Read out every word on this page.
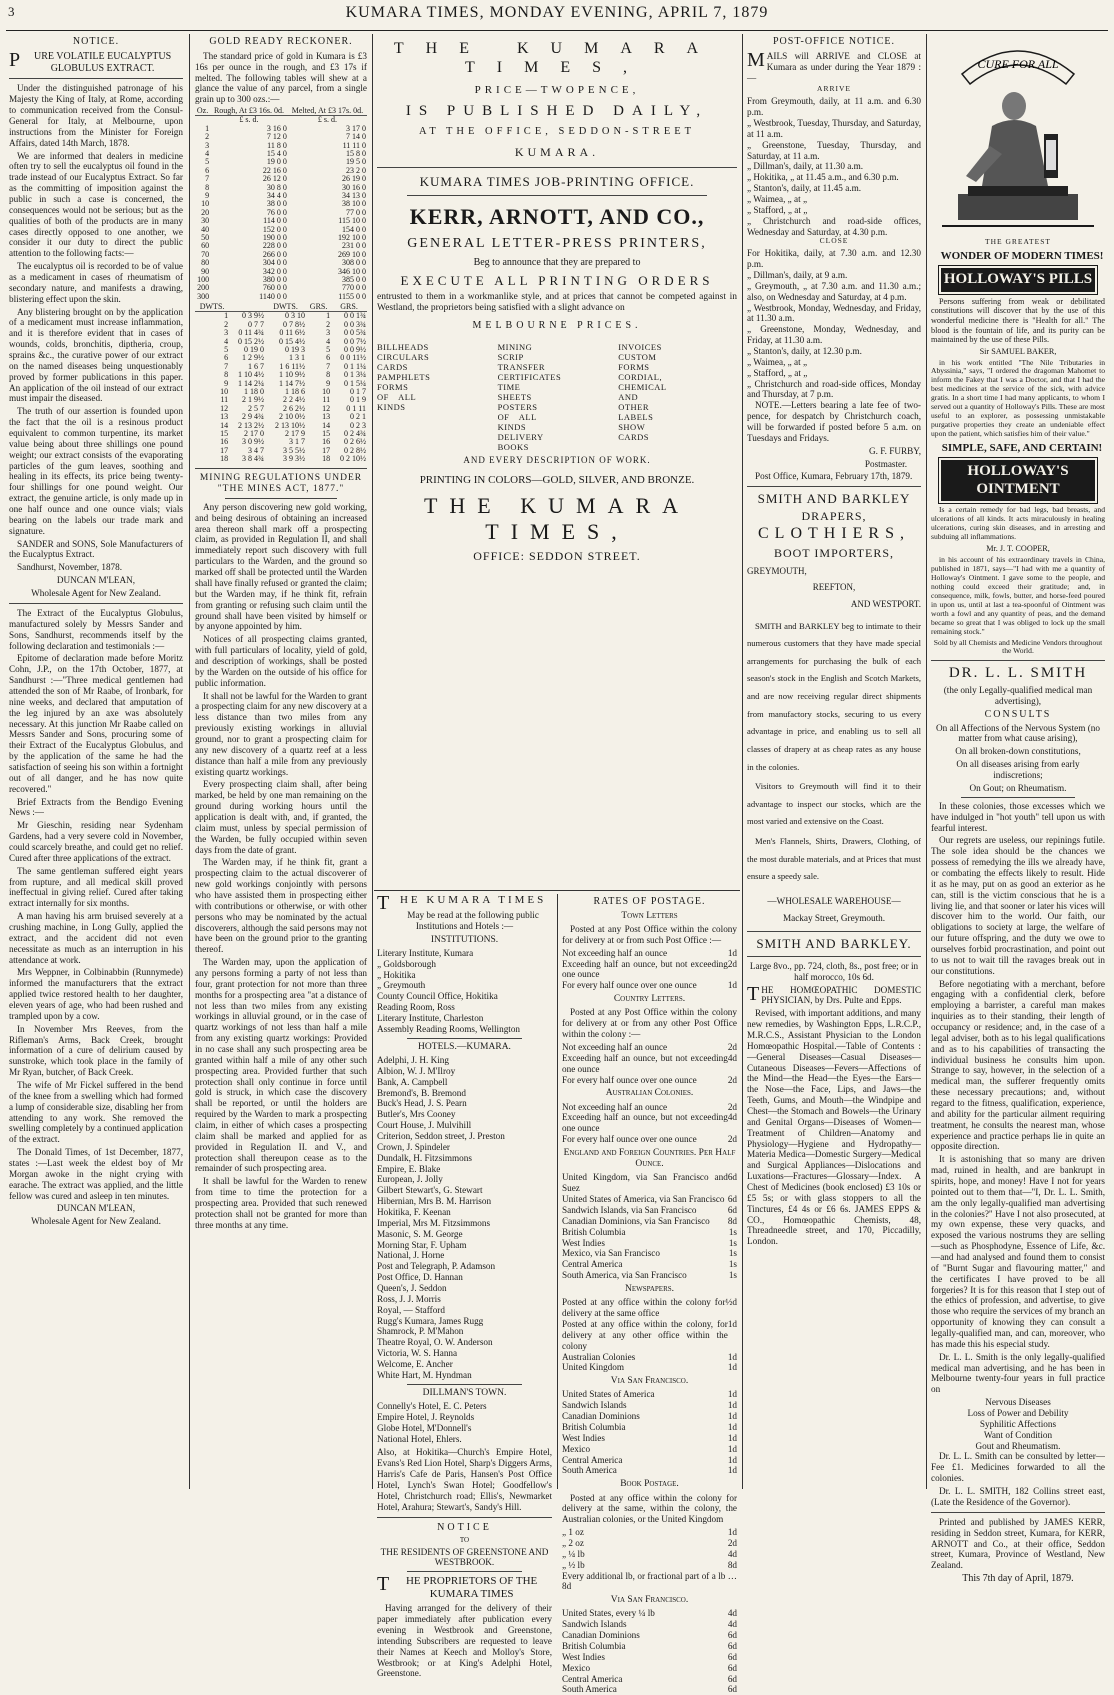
3	KUMARA TIMES, MONDAY EVENING, APRIL 7, 1879
NOTICE.

PURE VOLATILE EUCALYPTUS GLOBULUS EXTRACT.

Under the distinguished patronage of his Majesty the King of Italy, at Rome, according to communication received from the Consul-General for Italy, at Melbourne, upon instructions from the Minister for Foreign Affairs, dated 14th March, 1878.

We are informed that dealers in medicine often try to sell the eucalyptus oil found in the trade instead of our Eucalyptus Extract. So far as the committing of imposition against the public in such a case is concerned, the consequences would not be serious; but as the qualities of both of the products are in many cases directly opposed to one another, we consider it our duty to direct the public attention to the following facts:—

The eucalyptus oil is recorded to be of value as a medicament in cases of rheumatism of secondary nature, and manifests a drawing, blistering effect upon the skin.

Any blistering brought on by the application of a medicament must increase inflammation, and it is therefore evident that in cases of wounds, colds, bronchitis, diptheria, croup, sprains &c., the curative power of our extract on the named diseases being unquestionably proved by former publications in this paper. An application of the oil instead of our extract must impair the diseased.

The truth of our assertion is founded upon the fact that the oil is a resinous product equivalent to common turpentine, its market value being about three shillings one pound weight; our extract consists of the evaporating particles of the gum leaves, soothing and healing in its effects, its price being twenty-four shillings for one pound weight. Our extract, the genuine article, is only made up in one half ounce and one ounce vials; vials bearing on the labels our trade mark and signature.

SANDER and SONS, Sole Manufacturers of the Eucalyptus Extract.

Sandhurst, November, 1878.

DUNCAN M'LEAN,

Wholesale Agent for New Zealand.

The Extract of the Eucalyptus Globulus, manufactured solely by Messrs Sander and Sons, Sandhurst, recommends itself by the following declaration and testimonials :—

Epitome of declaration made before Moritz Cohn, J.P., on the 17th October, 1877, at Sandhurst :—"Three medical gentlemen had attended the son of Mr Raabe, of Ironbark, for nine weeks, and declared that amputation of the leg injured by an axe was absolutely necessary. At this junction Mr Raabe called on Messrs Sander and Sons, procuring some of their Extract of the Eucalyptus Globulus, and by the application of the same he had the satisfaction of seeing his son within a fortnight out of all danger, and he has now quite recovered."

Brief Extracts from the Bendigo Evening News :—

Mr Gieschin, residing near Sydenham Gardens, had a very severe cold in November, could scarcely breathe, and could get no relief. Cured after three applications of the extract.

The same gentleman suffered eight years from rupture, and all medical skill proved ineffectual in giving relief. Cured after taking extract internally for six months.

A man having his arm bruised severely at a crushing machine, in Long Gully, applied the extract, and the accident did not even necessitate as much as an interruption in his attendance at work.

Mrs Weppner, in Colbinabbin (Runnymede) informed the manufacturers that the extract applied twice restored health to her daughter, eleven years of age, who had been rushed and trampled upon by a cow.

In November Mrs Reeves, from the Rifleman's Arms, Back Creek, brought information of a cure of delirium caused by sunstroke, which took place in the family of Mr Ryan, butcher, of Back Creek.

The wife of Mr Fickel suffered in the bend of the knee from a swelling which had formed a lump of considerable size, disabling her from attending to any work. She removed the swelling completely by a continued application of the extract.

The Donald Times, of 1st December, 1877, states :—Last week the eldest boy of Mr Morgan awoke in the night crying with earache. The extract was applied, and the little fellow was cured and asleep in ten minutes.

DUNCAN M'LEAN,

Wholesale Agent for New Zealand.

GOLD READY RECKONER.

The standard price of gold in Kumara is £3 16s per ounce in the rough, and £3 17s if melted. The following tables will shew at a glance the value of any parcel, from a single grain up to 300 ozs.:—

Oz.	Rough, At £3 16s. 0d.	Melted, At £3 17s. 0d.
	£ s. d.	£ s. d.
1	3 16 0	3 17 0
2	7 12 0	7 14 0
3	11 8 0	11 11 0
4	15 4 0	15 8 0
5	19 0 0	19 5 0
6	22 16 0	23 2 0
7	26 12 0	26 19 0
8	30 8 0	30 16 0
9	34 4 0	34 13 0
10	38 0 0	38 10 0
20	76 0 0	77 0 0
30	114 0 0	115 10 0
40	152 0 0	154 0 0
50	190 0 0	192 10 0
60	228 0 0	231 0 0
70	266 0 0	269 10 0
80	304 0 0	308 0 0
90	342 0 0	346 10 0
100	380 0 0	385 0 0
200	760 0 0	770 0 0
300	1140 0 0	1155 0 0
DWTS.		DWTS.	GRS.	GRS.
1	0 3 9½	0 3 10	1	0 0 1¾
2	0 7 7	0 7 8½	2	0 0 3¾
3	0 11 4¾	0 11 6½	3	0 0 5¾
4	0 15 2½	0 15 4½	4	0 0 7½
5	0 19 0	0 19 3	5	0 0 9½
6	1 2 9½	1 3 1	6	0 0 11½
7	1 6 7	1 6 11½	7	0 1 1¼
8	1 10 4½	1 10 9½	8	0 1 3¼
9	1 14 2¼	1 14 7½	9	0 1 5¼
10	1 18 0	1 18 6	10	0 1 7
11	2 1 9½	2 2 4½	11	0 1 9
12	2 5 7	2 6 2½	12	0 1 11
13	2 9 4¾	2 10 0½	13	0 2 1
14	2 13 2½	2 13 10½	14	0 2 3
15	2 17 0	2 17 9	15	0 2 4¾
16	3 0 9½	3 1 7	16	0 2 6½
17	3 4 7	3 5 5½	17	0 2 8½
18	3 8 4¾	3 9 3½	18	0 2 10½
MINING REGULATIONS UNDER "THE MINES ACT, 1877."

Any person discovering new gold working, and being desirous of obtaining an increased area thereon shall mark off a prospecting claim, as provided in Regulation II, and shall immediately report such discovery with full particulars to the Warden, and the ground so marked off shall be protected until the Warden shall have finally refused or granted the claim; but the Warden may, if he think fit, refrain from granting or refusing such claim until the ground shall have been visited by himself or by anyone appointed by him.

Notices of all prospecting claims granted, with full particulars of locality, yield of gold, and description of workings, shall be posted by the Warden on the outside of his office for public information.

It shall not be lawful for the Warden to grant a prospecting claim for any new discovery at a less distance than two miles from any previously existing workings in alluvial ground, nor to grant a prospecting claim for any new discovery of a quartz reef at a less distance than half a mile from any previously existing quartz workings.

Every prospecting claim shall, after being marked, be held by one man remaining on the ground during working hours until the application is dealt with, and, if granted, the claim must, unless by special permission of the Warden, be fully occupied within seven days from the date of grant.

The Warden may, if he think fit, grant a prospecting claim to the actual discoverer of new gold workings conjointly with persons who have assisted them in prospecting either with contributions or otherwise, or with other persons who may be nominated by the actual discoverers, although the said persons may not have been on the ground prior to the granting thereof.

The Warden may, upon the application of any persons forming a party of not less than four, grant protection for not more than three months for a prospecting area "at a distance of not less than two miles from any existing workings in alluvial ground, or in the case of quartz workings of not less than half a mile from any existing quartz workings: Provided in no case shall any such prospecting area be granted within half a mile of any other such prospecting area. Provided further that such protection shall only continue in force until gold is struck, in which case the discovery shall be reported, or until the holders are required by the Warden to mark a prospecting claim, in either of which cases a prospecting claim shall be marked and applied for as provided in Regulation II. and V., and protection shall thereupon cease as to the remainder of such prospecting area.

It shall be lawful for the Warden to renew from time to time the protection for a prospecting area. Provided that such renewed protection shall not be granted for more than three months at any time.

THE KUMARA TIMES,
PRICE—TWOPENCE,
IS PUBLISHED DAILY,
AT THE OFFICE, SEDDON-STREET
KUMARA.
KUMARA TIMES JOB-PRINTING OFFICE.
KERR, ARNOTT, AND CO.,
GENERAL LETTER-PRESS PRINTERS,

Beg to announce that they are prepared to

EXECUTE ALL PRINTING ORDERS

entrusted to them in a workmanlike style, and at prices that cannot be competed against in Westland, the proprietors being satisfied with a slight advance on

MELBOURNE PRICES.
BILLHEADS
CIRCULARS
CARDS
PAMPHLETS
FORMS OF ALL KINDS
MINING SCRIP
TRANSFER CERTIFICATES
TIME SHEETS
POSTERS OF ALL KINDS
DELIVERY BOOKS
INVOICES
CUSTOM FORMS
CORDIAL, CHEMICAL
AND OTHER LABELS
SHOW CARDS
AND EVERY DESCRIPTION OF WORK.

PRINTING IN COLORS—GOLD, SILVER, AND BRONZE.

THE KUMARA TIMES,

OFFICE: SEDDON STREET.

THE KUMARA TIMES

May be read at the following public Institutions and Hotels :—

INSTITUTIONS.
Literary Institute, Kumara
„ Goldsborough
„ Hokitika
„ Greymouth
County Council Office, Hokitika
Reading Room, Ross
Literary Institute, Charleston
Assembly Reading Rooms, Wellington
HOTELS.—KUMARA.
Adelphi, J. H. King
Albion, W. J. M'Ilroy
Bank, A. Campbell
Bremond's, B. Bremond
Buck's Head, J. S. Pearn
Butler's, Mrs Cooney
Court House, J. Mulvihill
Criterion, Seddon street, J. Preston
Crown, J. Spindeler
Dundalk, H. Fitzsimmons
Empire, E. Blake
European, J. Jolly
Gilbert Stewart's, G. Stewart
Hibernian, Mrs B. M. Harrison
Hokitika, F. Keenan
Imperial, Mrs M. Fitzsimmons
Masonic, S. M. George
Morning Star, F. Upham
National, J. Horne
Post and Telegraph, P. Adamson
Post Office, D. Hannan
Queen's, J. Seddon
Ross, J. J. Morris
Royal, — Stafford
Rugg's Kumara, James Rugg
Shamrock, P. M'Mahon
Theatre Royal, O. W. Anderson
Victoria, W. S. Hanna
Welcome, E. Ancher
White Hart, M. Hyndman
DILLMAN'S TOWN.
Connelly's Hotel, E. C. Peters
Empire Hotel, J. Reynolds
Globe Hotel, M'Donnell's
National Hotel, Ehlers.

Also, at Hokitika—Church's Empire Hotel, Evans's Red Lion Hotel, Sharp's Diggers Arms, Harris's Cafe de Paris, Hansen's Post Office Hotel, Lynch's Swan Hotel; Goodfellow's Hotel, Christchurch road; Ellis's, Newmarket Hotel, Arahura; Stewart's, Sandy's Hill.

NOTICE

TO

THE RESIDENTS OF GREENSTONE AND WESTBROOK.

THE PROPRIETORS OF THE KUMARA TIMES

Having arranged for the delivery of their paper immediately after publication every evening in Westbrook and Greenstone, intending Subscribers are requested to leave their Names at Keech and Molloy's Store, Westbrook; or at King's Adelphi Hotel, Greenstone.

RATES OF POSTAGE.
Town Letters

Posted at any Post Office within the colony for delivery at or from such Post Office :—

Not exceeding half an ounce	1d
Exceeding half an ounce, but not exceeding one ounce
2d
For every half ounce over one ounce	1d
Country Letters.

Posted at any Post Office within the colony for delivery at or from any other Post Office within the colony :—

Not exceeding half an ounce	2d
Exceeding half an ounce, but not exceeding one ounce
4d
For every half ounce over one ounce	2d
Australian Colonies.
Not exceeding half an ounce	2d
Exceeding half an ounce, but not exceeding one ounce
4d
For every half ounce over one ounce	2d
England and Foreign Countries. Per Half Ounce.
United Kingdom, via San Francisco and Suez
6d
United States of America, via San Francisco 6d
Sandwich Islands, via San Francisco	6d
Canadian Dominions, via San Francisco 8d
British Columbia	1s
West Indies	1s
Mexico, via San Francisco	1s
Central America	1s
South America, via San Francisco	1s
Newspapers.
Posted at any office within the colony for delivery at the same office
½d
Posted at any office within the colony, for delivery at any other office within the colony
1d
Australian Colonies	1d
United Kingdom	1d
Via San Francisco.
United States of America	1d
Sandwich Islands	1d
Canadian Dominions	1d
British Columbia	1d
West Indies	1d
Mexico	1d
Central America	1d
South America	1d
Book Postage.

Posted at any office within the colony for delivery at the same, within the colony, the Australian colonies, or the United Kingdom

„ 1 oz	1d
„ 2 oz	2d
„ ¼ lb	4d
„ ½ lb	8d

Every additional lb, or fractional part of a lb … 8d

Via San Francisco.
United States, every ¼ lb	4d
Sandwich Islands	4d
Canadian Dominions	6d
British Columbia	6d
West Indies	6d
Mexico	6d
Central America	6d
South America	6d
POST-OFFICE NOTICE.

MAILS will ARRIVE and CLOSE at Kumara as under during the Year 1879 :—

ARRIVE

From Greymouth, daily, at 11 a.m. and 6.30 p.m.
„ Westbrook, Tuesday, Thursday, and Saturday, at 11 a.m.
„ Greenstone, Tuesday, Thursday, and Saturday, at 11 a.m.
„ Dillman's, daily, at 11.30 a.m.
„ Hokitika, „ at 11.45 a.m., and 6.30 p.m.
„ Stanton's, daily, at 11.45 a.m.
„ Waimea, „ at „
„ Stafford, „ at „
„ Christchurch and road-side offices, Wednesday and Saturday, at 4.30 p.m.

CLOSE

For Hokitika, daily, at 7.30 a.m. and 12.30 p.m.
„ Dillman's, daily, at 9 a.m.
„ Greymouth, „ at 7.30 a.m. and 11.30 a.m.; also, on Wednesday and Saturday, at 4 p.m.
„ Westbrook, Monday, Wednesday, and Friday, at 11.30 a.m.
„ Greenstone, Monday, Wednesday, and Friday, at 11.30 a.m.
„ Stanton's, daily, at 12.30 p.m.
„ Waimea, „ at „
„ Stafford, „ at „
„ Christchurch and road-side offices, Monday and Thursday, at 7 p.m.

NOTE.—Letters bearing a late fee of two-pence, for despatch by Christchurch coach, will be forwarded if posted before 5 a.m. on Tuesdays and Fridays.

G. F. FURBY,

Postmaster.

Post Office, Kumara, February 17th, 1879.

SMITH AND BARKLEY
DRAPERS,
CLOTHIERS,
BOOT IMPORTERS,

GREYMOUTH,

REEFTON,

AND WESTPORT.

SMITH and BARKLEY beg to intimate to their numerous customers that they have made special arrangements for purchasing the bulk of each season's stock in the English and Scotch Markets, and are now receiving regular direct shipments from manufactory stocks, securing to us every advantage in price, and enabling us to sell all classes of drapery at as cheap rates as any house in the colonies.

Visitors to Greymouth will find it to their advantage to inspect our stocks, which are the most varied and extensive on the Coast.

Men's Flannels, Shirts, Drawers, Clothing, of the most durable materials, and at Prices that must ensure a speedy sale.

—WHOLESALE WAREHOUSE—

Mackay Street, Greymouth.

SMITH AND BARKLEY.

Large 8vo., pp. 724, cloth, 8s., post free; or in half morocco, 10s 6d.

THE HOMŒOPATHIC DOMESTIC PHYSICIAN, by Drs. Pulte and Epps.

Revised, with important additions, and many new remedies, by Washington Epps, L.R.C.P., M.R.C.S., Assistant Physician to the London Homœopathic Hospital.—Table of Contents :—General Diseases—Casual Diseases—Cutaneous Diseases—Fevers—Affections of the Mind—the Head—the Eyes—the Ears—the Nose—the Face, Lips, and Jaws—the Teeth, Gums, and Mouth—the Windpipe and Chest—the Stomach and Bowels—the Urinary and Genital Organs—Diseases of Women—Treatment of Children—Anatomy and Physiology—Hygiene and Hydropathy—Materia Medica—Domestic Surgery—Medical and Surgical Appliances—Dislocations and Luxations—Fractures—Glossary—Index. A Chest of Medicines (book enclosed) £3 10s or £5 5s; or with glass stoppers to all the Tinctures, £4 4s or £6 6s. JAMES EPPS & CO., Homœopathic Chemists, 48, Threadneedle street, and 170, Piccadilly, London.

CURE FOR ALL

THE GREATEST

WONDER OF MODERN TIMES!

HOLLOWAY'S PILLS

Persons suffering from weak or debilitated constitutions will discover that by the use of this wonderful medicine there is "Health for all." The blood is the fountain of life, and its purity can be maintained by the use of these Pills.

Sir SAMUEL BAKER,

in his work entitled "The Nile Tributaries in Abyssinia," says, "I ordered the dragoman Mahomet to inform the Fakey that I was a Doctor, and that I had the best medicines at the service of the sick, with advice gratis. In a short time I had many applicants, to whom I served out a quantity of Holloway's Pills. These are most useful to an explorer, as possessing unmistakable purgative properties they create an undeniable effect upon the patient, which satisfies him of their value."

SIMPLE, SAFE, AND CERTAIN!

HOLLOWAY'S OINTMENT

Is a certain remedy for bad legs, bad breasts, and ulcerations of all kinds. It acts miraculously in healing ulcerations, curing skin diseases, and in arresting and subduing all inflammations.

Mr. J. T. COOPER,

in his account of his extraordinary travels in China, published in 1871, says—"I had with me a quantity of Holloway's Ointment. I gave some to the people, and nothing could exceed their gratitude; and, in consequence, milk, fowls, butter, and horse-feed poured in upon us, until at last a tea-spoonful of Ointment was worth a fowl and any quantity of peas, and the demand became so great that I was obliged to lock up the small remaining stock."

Sold by all Chemists and Medicine Vendors throughout the World.

DR. L. L. SMITH

(the only Legally-qualified medical man advertising),

CONSULTS

On all Affections of the Nervous System (no matter from what cause arising),

On all broken-down constitutions,

On all diseases arising from early indiscretions;

On Gout; on Rheumatism.

In these colonies, those excesses which we have indulged in "hot youth" tell upon us with fearful interest.

Our regrets are useless, our repinings futile. The sole idea should be the chances we possess of remedying the ills we already have, or combating the effects likely to result. Hide it as he may, put on as good an exterior as he can, still is the victim conscious that he is a living lie, and that sooner or later his vices will discover him to the world. Our faith, our obligations to society at large, the welfare of our future offspring, and the duty we owe to ourselves forbid procrastination, and point out to us not to wait till the ravages break out in our constitutions.

Before negotiating with a merchant, before engaging with a confidential clerk, before employing a barrister, a careful man makes inquiries as to their standing, their length of occupancy or residence; and, in the case of a legal adviser, both as to his legal qualifications and as to his capabilities of transacting the individual business he consults him upon. Strange to say, however, in the selection of a medical man, the sufferer frequently omits these necessary precautions; and, without regard to the fitness, qualification, experience, and ability for the particular ailment requiring treatment, he consults the nearest man, whose experience and practice perhaps lie in quite an opposite direction.

It is astonishing that so many are driven mad, ruined in health, and are bankrupt in spirits, hope, and money! Have I not for years pointed out to them that—"I, Dr. L. L. Smith, am the only legally-qualified man advertising in the colonies?" Have I not also prosecuted, at my own expense, these very quacks, and exposed the various nostrums they are selling—such as Phosphodyne, Essence of Life, &c.—and had analysed and found them to consist of "Burnt Sugar and flavouring matter," and the certificates I have proved to be all forgeries? It is for this reason that I step out of the ethics of profession, and advertise, to give those who require the services of my branch an opportunity of knowing they can consult a legally-qualified man, and can, moreover, who has made this his especial study.

Dr. L. L. Smith is the only legally-qualified medical man advertising, and he has been in Melbourne twenty-four years in full practice on

Nervous Diseases
Loss of Power and Debility
Syphilitic Affections
Want of Condition
Gout and Rheumatism.

Dr. L. L. Smith can be consulted by letter—Fee £1. Medicines forwarded to all the colonies.

Dr. L. L. SMITH, 182 Collins street east, (Late the Residence of the Governor).

Printed and published by JAMES KERR, residing in Seddon street, Kumara, for KERR, ARNOTT and Co., at their office, Seddon street, Kumara, Province of Westland, New Zealand.

This 7th day of April, 1879.
